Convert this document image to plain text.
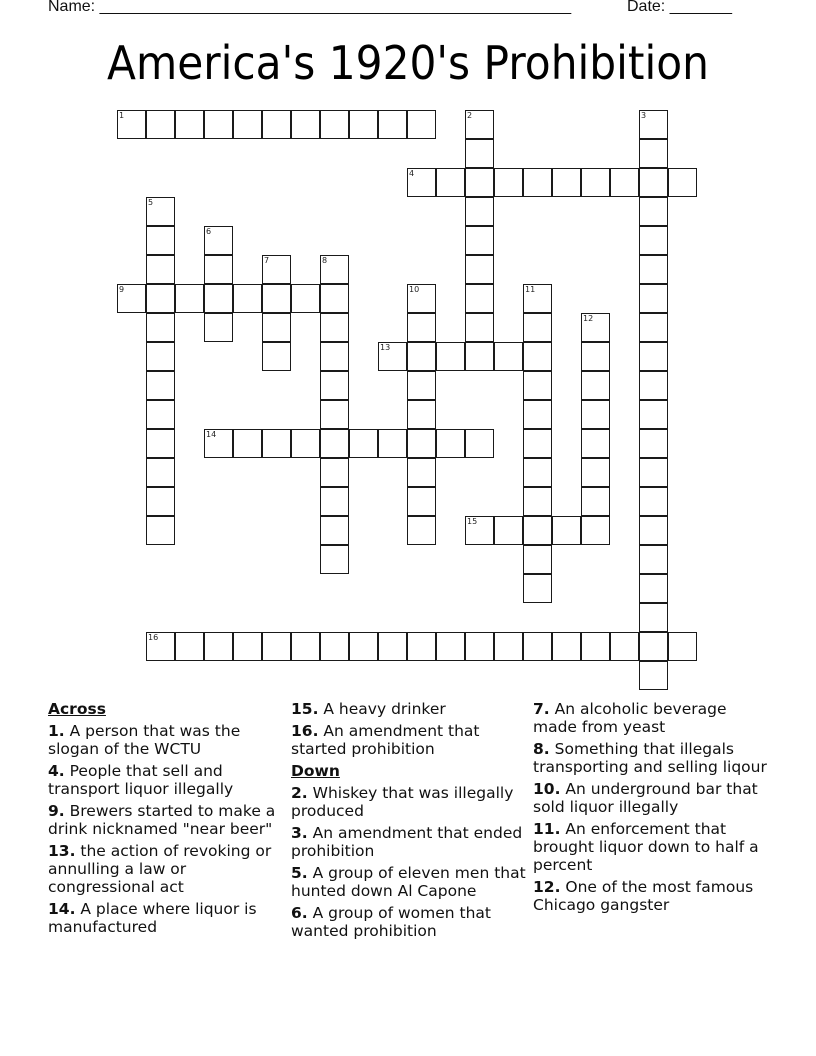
Name: _____________________________________________________	Date: _______
America's 1920's Prohibition
1	2	3
4
5
6
7	8
9	10	11
12
13
14
15
16
Across
1. A person that was the slogan of the WCTU
4. People that sell and transport liquor illegally
9. Brewers started to make a drink nicknamed "near beer"
13. the action of revoking or annulling a law or congressional act
14. A place where liquor is manufactured
15. A heavy drinker
16. An amendment that started prohibition
Down
2. Whiskey that was illegally produced
3. An amendment that ended prohibition
5. A group of eleven men that hunted down Al Capone
6. A group of women that wanted prohibition
7. An alcoholic beverage made from yeast
8. Something that illegals transporting and selling liqour
10. An underground bar that sold liquor illegally
11. An enforcement that brought liquor down to half a percent
12. One of the most famous Chicago gangster
